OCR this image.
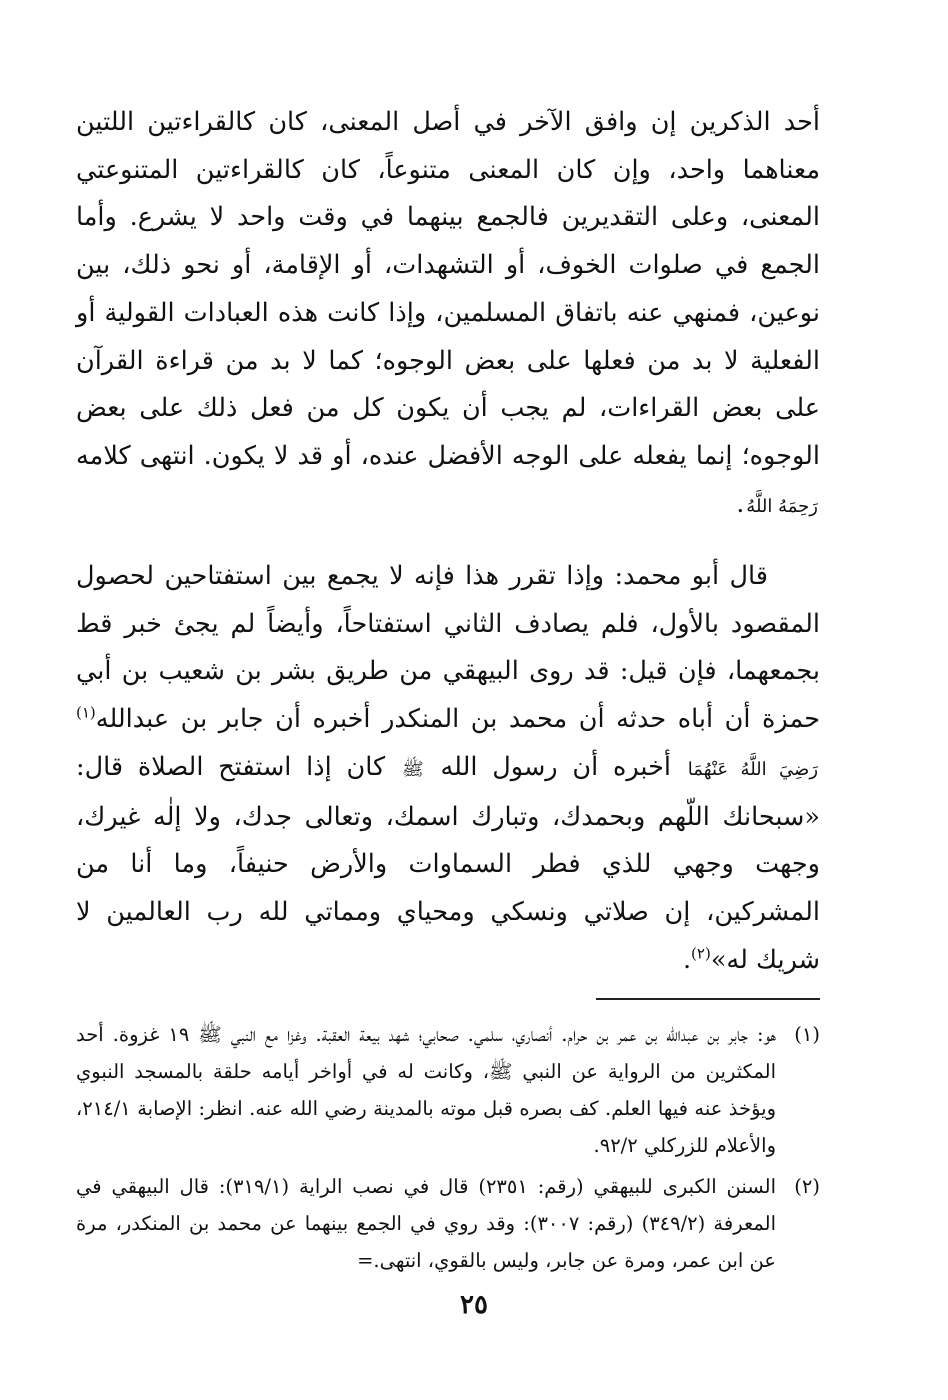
أحد الذكرين إن وافق الآخر في أصل المعنى، كان كالقراءتين اللتين معناهما واحد، وإن كان المعنى متنوعاً، كان كالقراءتين المتنوعتي المعنى، وعلى التقديرين فالجمع بينهما في وقت واحد لا يشرع. وأما الجمع في صلوات الخوف، أو التشهدات، أو الإقامة، أو نحو ذلك، بين نوعين، فمنهي عنه باتفاق المسلمين، وإذا كانت هذه العبادات القولية أو الفعلية لا بد من فعلها على بعض الوجوه؛ كما لا بد من قراءة القرآن على بعض القراءات، لم يجب أن يكون كل من فعل ذلك على بعض الوجوه؛ إنما يفعله على الوجه الأفضل عنده، أو قد لا يكون. انتهى كلامه رَحِمَهُ اللَّهُ.
قال أبو محمد: وإذا تقرر هذا فإنه لا يجمع بين استفتاحين لحصول المقصود بالأول، فلم يصادف الثاني استفتاحاً، وأيضاً لم يجئ خبر قط بجمعهما، فإن قيل: قد روى البيهقي من طريق بشر بن شعيب بن أبي حمزة أن أباه حدثه أن محمد بن المنكدر أخبره أن جابر بن عبدالله$^{(١)}$ رَضِيَ اللَّهُ عَنْهُمَا أخبره أن رسول الله ﷺ كان إذا استفتح الصلاة قال: «سبحانك اللّهم وبحمدك، وتبارك اسمك، وتعالى جدك، ولا إلٰه غيرك، وجهت وجهي للذي فطر السماوات والأرض حنيفاً، وما أنا من المشركين، إن صلاتي ونسكي ومحياي ومماتي لله رب العالمين لا شريك له»$^{(٢)}$.
(١)
هو: جابر بن عبدالله بن عمر بن حرام. أنصاري، سلمي. صحابي؛ شهد بيعة العقبة. وغزا مع النبي ﷺ ١٩ غزوة. أحد المكثرين من الرواية عن النبي ﷺ، وكانت له في أواخر أيامه حلقة بالمسجد النبوي ويؤخذ عنه فيها العلم. كف بصره قبل موته بالمدينة رضي الله عنه. انظر: الإصابة ٢١٤/١، والأعلام للزركلي ٩٢/٢.
(٢)
السنن الكبرى للبيهقي (رقم: ٢٣٥١) قال في نصب الراية (٣١٩/١): قال البيهقي في المعرفة (٣٤٩/٢) (رقم: ٣٠٠٧): وقد روي في الجمع بينهما عن محمد بن المنكدر، مرة عن ابن عمر، ومرة عن جابر، وليس بالقوي، انتهى.=
٢٥
